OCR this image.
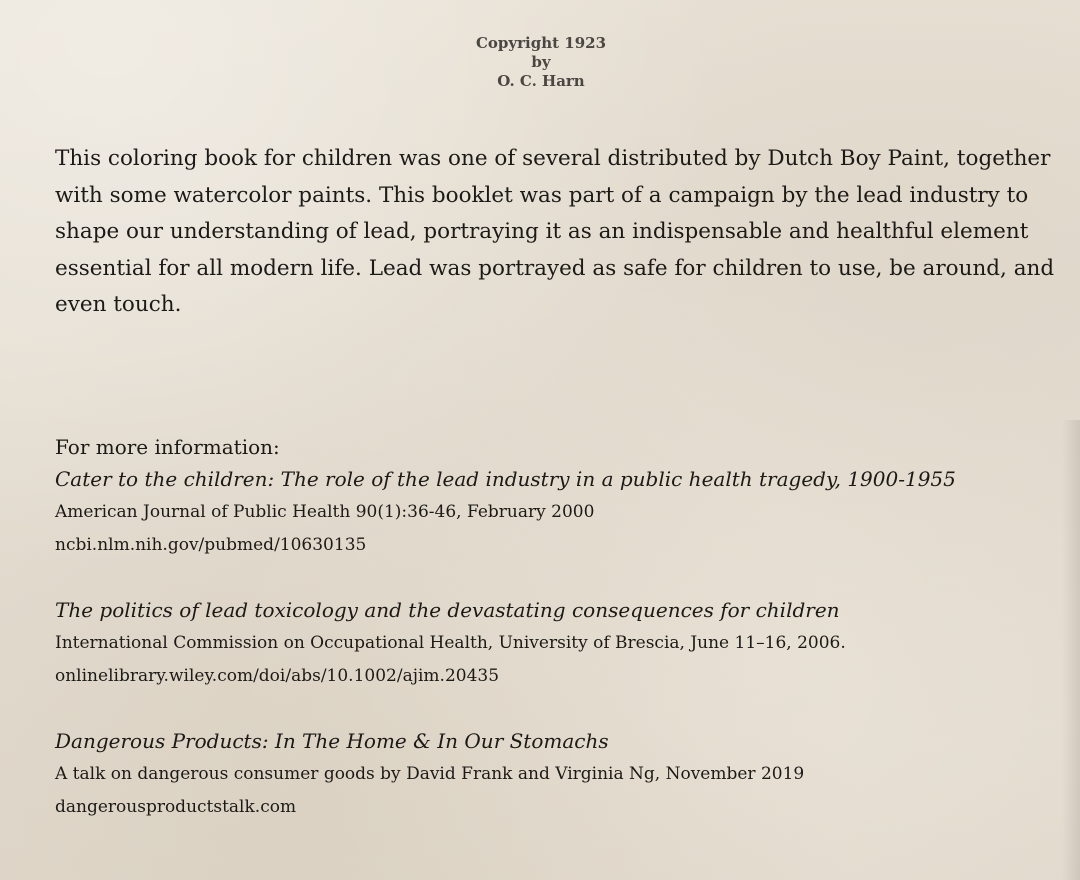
Copyright 1923
by
O. C. Harn

This coloring book for children was one of several distributed by Dutch Boy Paint, together with some watercolor paints. This booklet was part of a campaign by the lead industry to shape our understanding of lead, portraying it as an indispensable and healthful element essential for all modern life. Lead was portrayed as safe for children to use, be around, and even touch.

For more information:
Cater to the children: The role of the lead industry in a public health tragedy, 1900-1955
American Journal of Public Health 90(1):36-46, February 2000
ncbi.nlm.nih.gov/pubmed/10630135
The politics of lead toxicology and the devastating consequences for children
International Commission on Occupational Health, University of Brescia, June 11–16, 2006.
onlinelibrary.wiley.com/doi/abs/10.1002/ajim.20435
Dangerous Products: In The Home & In Our Stomachs
A talk on dangerous consumer goods by David Frank and Virginia Ng, November 2019
dangerousproductstalk.com
